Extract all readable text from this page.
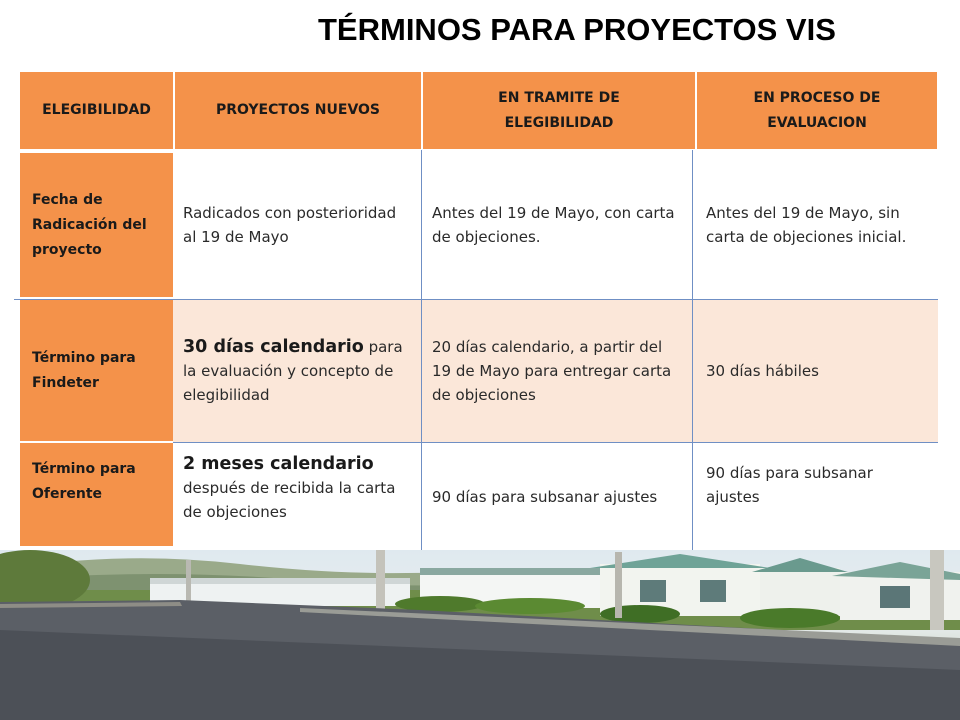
TÉRMINOS PARA PROYECTOS VIS
ELEGIBILIDAD	PROYECTOS NUEVOS
EN TRAMITE DE ELEGIBILIDAD
EN PROCESO DE EVALUACION
Fecha de Radicación del proyecto
Término para Findeter
Término para Oferente
Radicados con posterioridad al 19 de Mayo
Antes del 19 de Mayo, con carta de objeciones.
Antes del 19 de Mayo, sin carta de objeciones inicial.
30 días calendario para la evaluación y concepto de elegibilidad
20 días calendario, a partir del 19 de Mayo para entregar carta de objeciones
30 días hábiles
2 meses calendario
después de recibida la carta de objeciones
90 días para subsanar ajustes
90 días para subsanar ajustes
